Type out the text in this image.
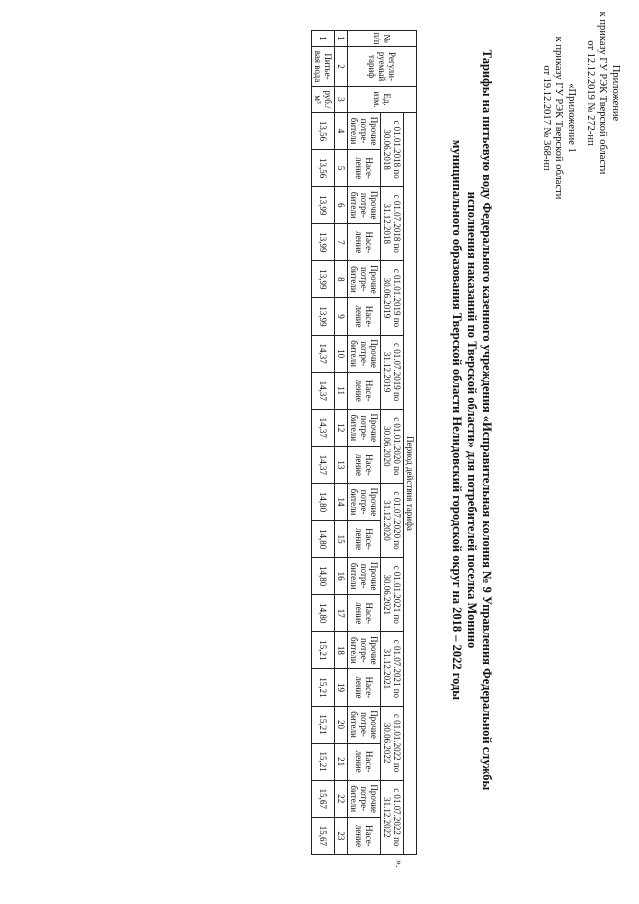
Приложение
к приказу ГУ РЭК Тверской области
от 12.12.2019 № 272-нп
«Приложение 1
к приказу ГУ РЭК Тверской области
от 19.12.2017 № 368-нп
Тарифы на питьевую воду Федерального казенного учреждения «Исправительная колония № 9 Управления Федеральной службы
исполнения наказаний по Тверской области» для потребителей поселка Монино
муниципального образования Тверской области Нелидовский городской округ на 2018 – 2022 годы
№ п/п	Регули-руемый тариф	Ед. изм.	Период действия тарифа																			
			с 01.01.2018 по 30.06.2018		с 01.07.2018 по 31.12.2018		с 01.01.2019 по 30.06.2019		с 01.07.2019 по 31.12.2019		с 01.01.2020 по 30.06.2020		с 01.07.2020 по 31.12.2020		с 01.01.2021 по 30.06.2021		с 01.07.2021 по 31.12.2021		с 01.01.2022 по 30.06.2022		с 01.07.2022 по 31.12.2022	
			Прочие потре-бители	Насе-ление	Прочие потре-бители	Насе-ление	Прочие потре-бители	Насе-ление	Прочие потре-бители	Насе-ление	Прочие потре-бители	Насе-ление	Прочие потре-бители	Насе-ление	Прочие потре-бители	Насе-ление	Прочие потре-бители	Насе-ление	Прочие потре-бители	Насе-ление	Прочие потре-бители	Насе-ление
1	2	3	4	5	6	7	8	9	10	11	12	13	14	15	16	17	18	19	20	21	22	23
1	Питье-вая вода	руб./м³	13,56	13,56	13,99	13,99	13,99	13,99	14,37	14,37	14,37	14,37	14,80	14,80	14,80	14,80	15,21	15,21	15,21	15,21	15,67	15,67
».
